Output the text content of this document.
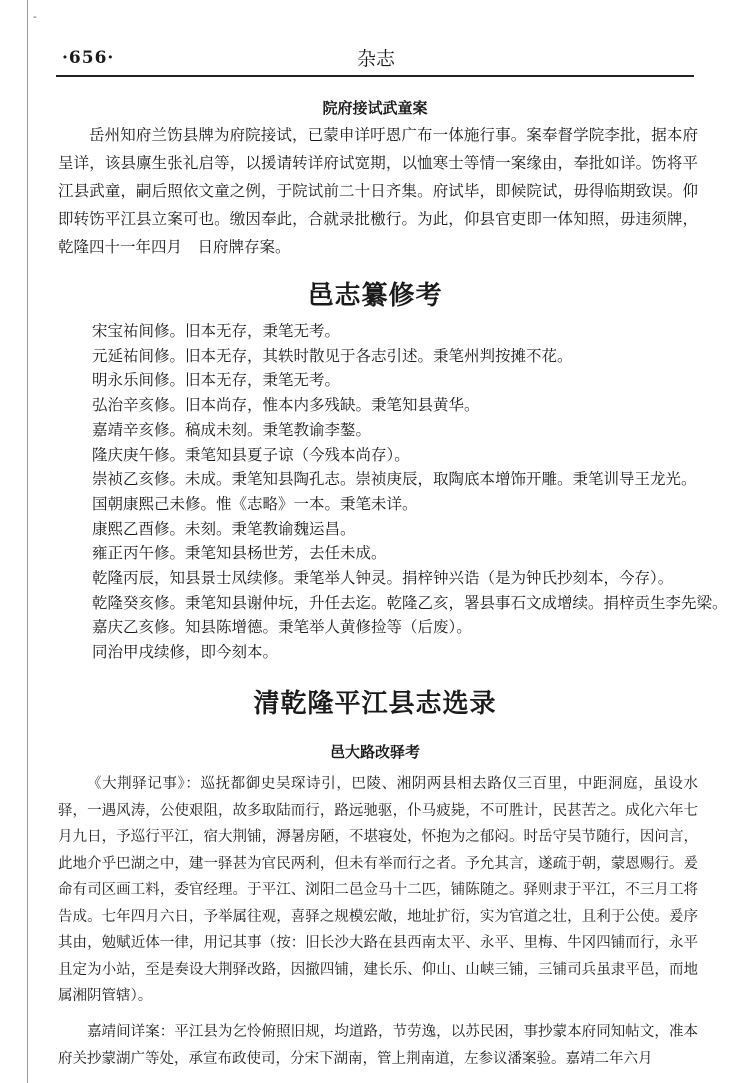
-
·656·	杂志
院府接试武童案

岳州知府兰饬县牌为府院接试，已蒙申详吁恩广布一体施行事。案奉督学院李批，据本府呈详，该县廪生张礼启等，以援请转详府试宽期，以恤寒士等情一案缘由，奉批如详。饬将平江县武童，嗣后照依文童之例，于院试前二十日齐集。府试毕，即候院试，毋得临期致误。仰即转饬平江县立案可也。缴因奉此，合就录批檄行。为此，仰县官吏即一体知照，毋违须牌，乾隆四十一年四月　日府牌存案。

邑志纂修考
宋宝祐间修。旧本无存，秉笔无考。
元延祐间修。旧本无存，其轶时散见于各志引述。秉笔州判按摊不花。
明永乐间修。旧本无存，秉笔无考。
弘治辛亥修。旧本尚存，惟本内多残缺。秉笔知县黄华。
嘉靖辛亥修。稿成未刻。秉笔教谕李鏊。
隆庆庚午修。秉笔知县夏子谅（今残本尚存）。
崇祯乙亥修。未成。秉笔知县陶孔志。崇祯庚辰，取陶底本增饰开雕。秉笔训导王龙光。
国朝康熙己未修。惟《志略》一本。秉笔未详。
康熙乙酉修。未刻。秉笔教谕魏运昌。
雍正丙午修。秉笔知县杨世芳，去任未成。
乾隆丙辰，知县景士凤续修。秉笔举人钟灵。捐梓钟兴诰（是为钟氏抄刻本，今存）。
乾隆癸亥修。秉笔知县谢仲坃，升任去迄。乾隆乙亥，署县事石文成增续。捐梓贡生李先梁。
嘉庆乙亥修。知县陈增德。秉笔举人黄修捡等（后废）。
同治甲戌续修，即今刻本。
清乾隆平江县志选录
邑大路改驿考

《大荆驿记事》：巡抚都御史吴琛诗引，巴陵、湘阴两县相去路仅三百里，中距洞庭，虽设水驿，一遇风涛，公使艰阻，故多取陆而行，路远驰驱，仆马疲毙，不可胜计，民甚苦之。成化六年七月九日，予巡行平江，宿大荆铺，溽暑房陋，不堪寝处，怀抱为之郁闷。时岳守吴节随行，因问言，此地介乎巴湖之中，建一驿甚为官民两利，但未有举而行之者。予允其言，遂疏于朝，蒙恩赐行。爰命有司区画工料，委官经理。于平江、浏阳二邑佥马十二匹，铺陈随之。驿则隶于平江，不三月工将告成。七年四月六日，予举属往观，喜驿之规模宏敞，地址扩衍，实为官道之壮，且利于公使。爰序其由，勉赋近体一律，用记其事（按：旧长沙大路在县西南太平、永平、里梅、牛冈四铺而行，永平且定为小站，至是奏设大荆驿改路，因撤四铺，建长乐、仰山、山峡三铺，三铺司兵虽隶平邑，而地属湘阴管辖）。

嘉靖间详案：平江县为乞怜俯照旧规，均道路，节劳逸，以苏民困，事抄蒙本府同知帖文，准本府关抄蒙湖广等处，承宣布政使司，分宋下湖南，管上荆南道，左参议潘案验。嘉靖二年六月
